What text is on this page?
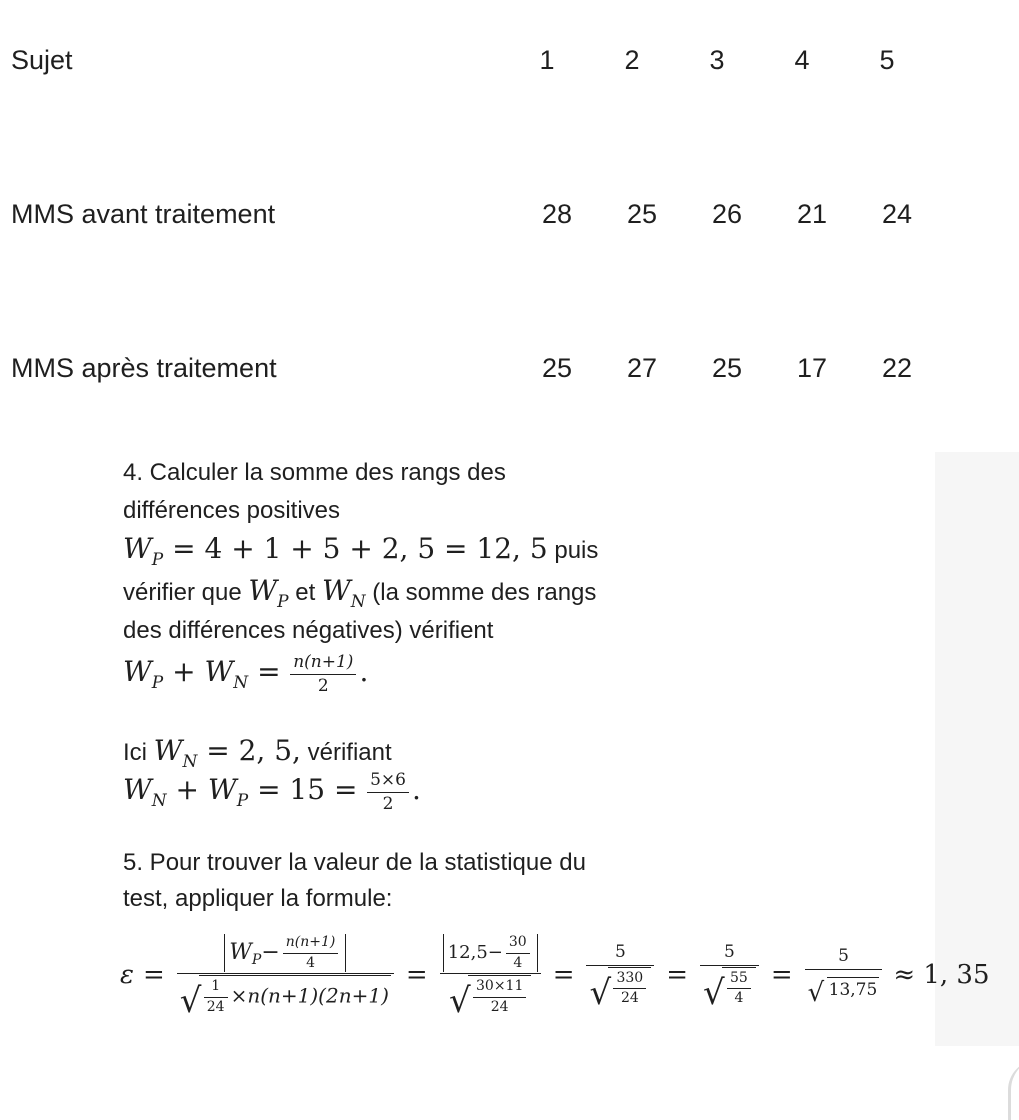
Sujet	1	2	3	4	5
MMS avant traitement	28	25	26	21	24
MMS après traitement	25	27	25	17	22
4. Calculer la somme des rangs des
différences positives
$W_P = 4 + 1 + 5 + 2$, 5 = 12, 5 puis
vérifier que $W_P$ et $W_N$ (la somme des rangs
des différences négatives) vérifient
$W_P + W_N = \frac{n(n+1)}{2}$ .
Ici $W_N = 2$, 5, vérifiant
$W_N + W_P = 15 = \frac{5\times 6}{2}$ .
5. Pour trouver la valeur de la statistique du
test, appliquer la formule:
$\varepsilon = \frac{W_P- \frac{n(n+1)}{4}}{√ \frac{1}{24} \times n(n+1)(2n+1)} = \frac{12,5- \frac{30}{4}}{√ \frac{30\times 11}{24}} = \frac{5}{√ \frac{330}{24}} = \frac{5}{√ \frac{55}{4}} = \frac{5}{√ 13,75} \approx 1$, 35
